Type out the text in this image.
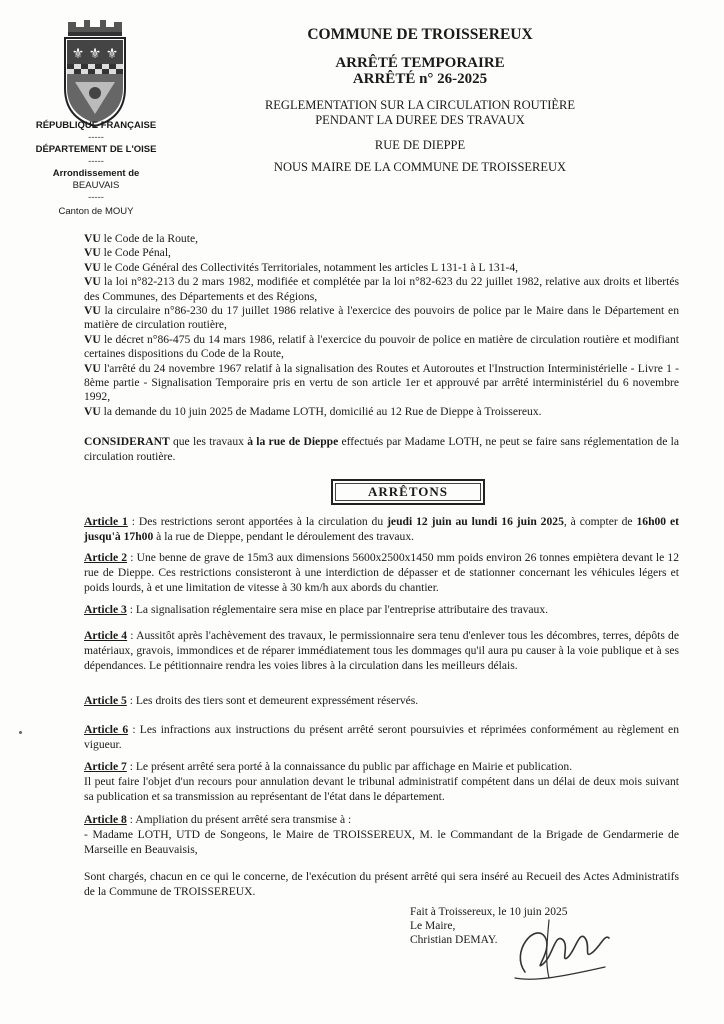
⚜ ⚜ ⚜
RÉPUBLIQUE FRANÇAISE
-----
DÉPARTEMENT DE L'OISE
-----
Arrondissement de
BEAUVAIS
-----
Canton de MOUY
COMMUNE DE TROISSEREUX
ARRÊTÉ TEMPORAIRE
ARRÊTÉ n° 26-2025
REGLEMENTATION SUR LA CIRCULATION ROUTIÈRE
PENDANT LA DUREE DES TRAVAUX
RUE DE DIEPPE
NOUS MAIRE DE LA COMMUNE DE TROISSEREUX

VU le Code de la Route,

VU le Code Pénal,

VU le Code Général des Collectivités Territoriales, notamment les articles L 131-1 à L 131-4,

VU la loi n°82-213 du 2 mars 1982, modifiée et complétée par la loi n°82-623 du 22 juillet 1982, relative aux droits et libertés des Communes, des Départements et des Régions,

VU la circulaire n°86-230 du 17 juillet 1986 relative à l'exercice des pouvoirs de police par le Maire dans le Département en matière de circulation routière,

VU le décret n°86-475 du 14 mars 1986, relatif à l'exercice du pouvoir de police en matière de circulation routière et modifiant certaines dispositions du Code de la Route,

VU l'arrêté du 24 novembre 1967 relatif à la signalisation des Routes et Autoroutes et l'Instruction Interministérielle - Livre 1 - 8ème partie - Signalisation Temporaire pris en vertu de son article 1er et approuvé par arrêté interministériel du 6 novembre 1992,

VU la demande du 10 juin 2025 de Madame LOTH, domicilié au 12 Rue de Dieppe à Troissereux.

CONSIDERANT que les travaux à la rue de Dieppe effectués par Madame LOTH, ne peut se faire sans réglementation de la circulation routière.
ARRÊTONS
Article 1 : Des restrictions seront apportées à la circulation du jeudi 12 juin au lundi 16 juin 2025, à compter de 16h00 et jusqu'à 17h00 à la rue de Dieppe, pendant le déroulement des travaux.
Article 2 : Une benne de grave de 15m3 aux dimensions 5600x2500x1450 mm poids environ 26 tonnes empiètera devant le 12 rue de Dieppe. Ces restrictions consisteront à une interdiction de dépasser et de stationner concernant les véhicules légers et poids lourds, à et une limitation de vitesse à 30 km/h aux abords du chantier.
Article 3 : La signalisation réglementaire sera mise en place par l'entreprise attributaire des travaux.
Article 4 : Aussitôt après l'achèvement des travaux, le permissionnaire sera tenu d'enlever tous les décombres, terres, dépôts de matériaux, gravois, immondices et de réparer immédiatement tous les dommages qu'il aura pu causer à la voie publique et à ses dépendances. Le pétitionnaire rendra les voies libres à la circulation dans les meilleurs délais.
Article 5 : Les droits des tiers sont et demeurent expressément réservés.
Article 6 : Les infractions aux instructions du présent arrêté seront poursuivies et réprimées conformément au règlement en vigueur.

Article 7 : Le présent arrêté sera porté à la connaissance du public par affichage en Mairie et publication.

Il peut faire l'objet d'un recours pour annulation devant le tribunal administratif compétent dans un délai de deux mois suivant sa publication et sa transmission au représentant de l'état dans le département.

Article 8 : Ampliation du présent arrêté sera transmise à :

- Madame LOTH, UTD de Songeons, le Maire de TROISSEREUX, M. le Commandant de la Brigade de Gendarmerie de Marseille en Beauvaisis,

Sont chargés, chacun en ce qui le concerne, de l'exécution du présent arrêté qui sera inséré au Recueil des Actes Administratifs de la Commune de TROISSEREUX.
Fait à Troissereux, le 10 juin 2025
Le Maire,
Christian DEMAY.
